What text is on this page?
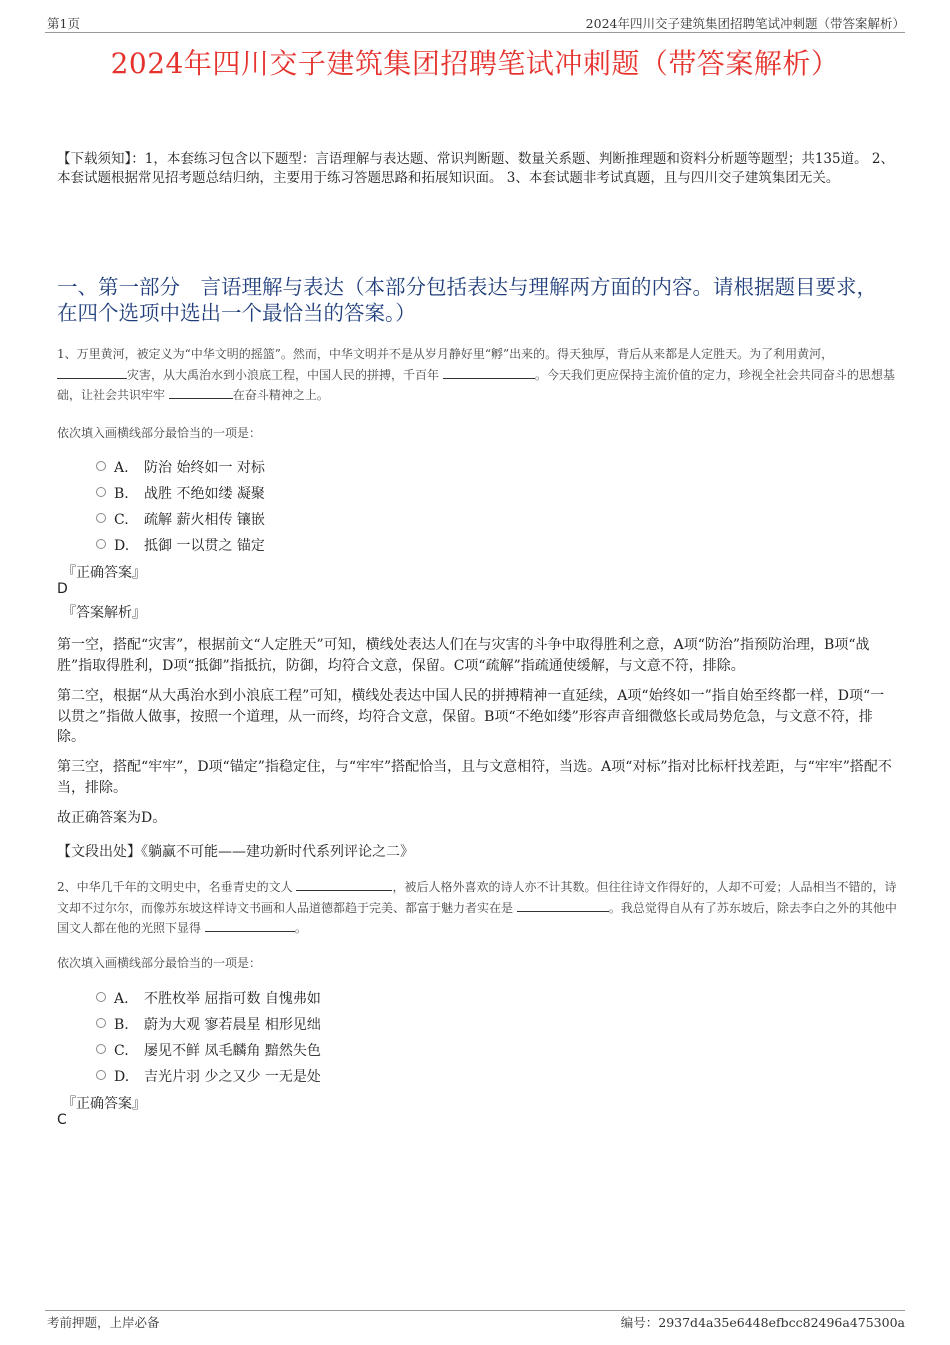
第1页	2024年四川交子建筑集团招聘笔试冲刺题（带答案解析）
2024年四川交子建筑集团招聘笔试冲刺题（带答案解析）
【下载须知】：1，本套练习包含以下题型：言语理解与表达题、常识判断题、数量关系题、判断推理题和资料分析题等题型；共135道。 2、本套试题根据常见招考题总结归纳，主要用于练习答题思路和拓展知识面。 3、本套试题非考试真题，且与四川交子建筑集团无关。
一、第一部分　言语理解与表达（本部分包括表达与理解两方面的内容。请根据题目要求，在四个选项中选出一个最恰当的答案。）
1、万里黄河，被定义为“中华文明的摇篮”。然而，中华文明并不是从岁月静好里“孵”出来的。得天独厚，背后从来都是人定胜天。为了利用黄河， 灾害，从大禹治水到小浪底工程，中国人民的拼搏，千百年	。今天我们更应保持主流价值的定力，珍视全社会共同奋斗的思想基础，让社会共识牢牢	在奋斗精神之上。
依次填入画横线部分最恰当的一项是：
A. 防治 始终如一 对标
B. 战胜 不绝如缕 凝聚
C. 疏解 薪火相传 镶嵌
D. 抵御 一以贯之 锚定
『正确答案』
D
『答案解析』
第一空，搭配“灾害”，根据前文“人定胜天”可知，横线处表达人们在与灾害的斗争中取得胜利之意，A项“防治”指预防治理，B项“战胜”指取得胜利，D项“抵御”指抵抗，防御，均符合文意，保留。C项“疏解”指疏通使缓解，与文意不符，排除。
第二空，根据“从大禹治水到小浪底工程”可知，横线处表达中国人民的拼搏精神一直延续，A项“始终如一”指自始至终都一样，D项“一以贯之”指做人做事，按照一个道理，从一而终，均符合文意，保留。B项“不绝如缕”形容声音细微悠长或局势危急，与文意不符，排除。
第三空，搭配“牢牢”，D项“锚定”指稳定住，与“牢牢”搭配恰当，且与文意相符，当选。A项“对标”指对比标杆找差距，与“牢牢”搭配不当，排除。
故正确答案为D。
【文段出处】《躺赢不可能——建功新时代系列评论之二》
2、中华几千年的文明史中，名垂青史的文人	，被后人格外喜欢的诗人亦不计其数。但往往诗文作得好的，人却不可爱；人品相当不错的，诗文却不过尔尔，而像苏东坡这样诗文书画和人品道德都趋于完美、都富于魅力者实在是	。我总觉得自从有了苏东坡后，除去李白之外的其他中国文人都在他的光照下显得	。
依次填入画横线部分最恰当的一项是：
A. 不胜枚举 屈指可数 自愧弗如
B. 蔚为大观 寥若晨星 相形见绌
C. 屡见不鲜 凤毛麟角 黯然失色
D. 吉光片羽 少之又少 一无是处
『正确答案』
C
考前押题，上岸必备	编号：2937d4a35e6448efbcc82496a475300a
